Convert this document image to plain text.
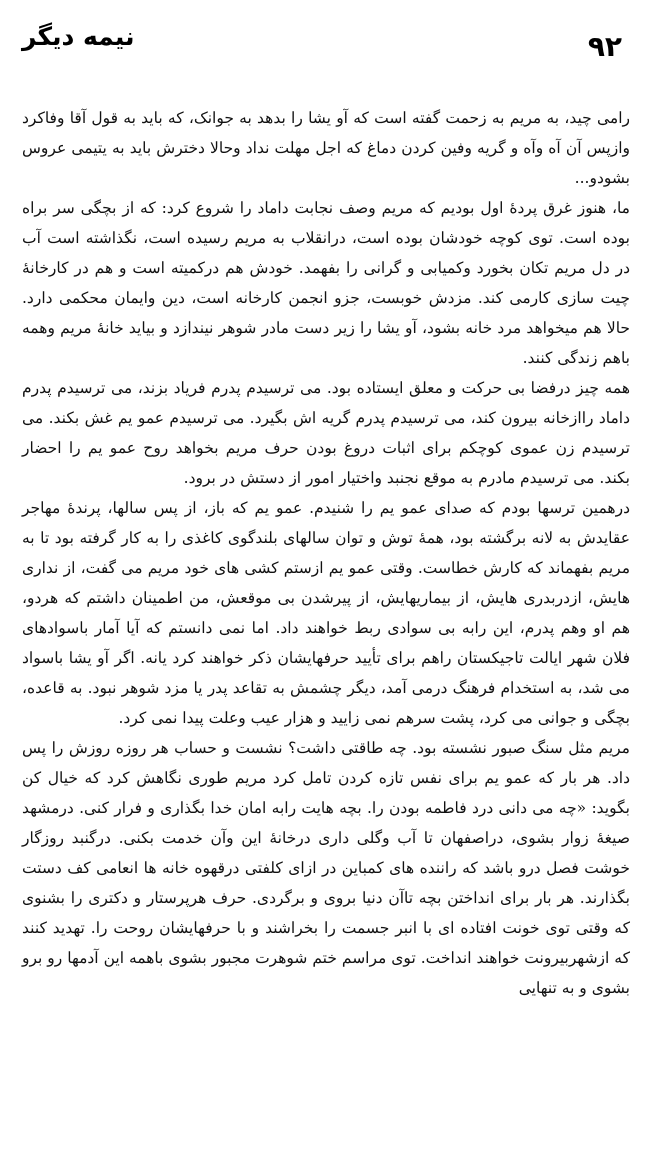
نیمه دیگر	۹۲

رامی چید، به مریم به زحمت گفته است که آو یشا را بدهد به جوانک، که باید به قول آقا وفاکرد وازپس آن آه وآه و گریه وفین کردن دماغ که اجل مهلت نداد وحالا دخترش باید به یتیمی عروس بشودو...

ما، هنوز غرق پردهٔ اول بودیم که مریم وصف نجابت داماد را شروع کرد: که از بچگی سر براه بوده است. توی کوچه خودشان بوده است، درانقلاب به مریم رسیده است، نگذاشته است آب در دل مریم تکان بخورد وکمیابی و گرانی را بفهمد. خودش هم درکمیته است و هم در کارخانهٔ چیت سازی کارمی کند. مزدش خوبست، جزو انجمن کارخانه است، دین وایمان محکمی دارد. حالا هم میخواهد مرد خانه بشود، آو یشا را زیر دست مادر شوهر نیندازد و بیاید خانهٔ مریم وهمه باهم زندگی کنند.

همه چیز درفضا بی حرکت و معلق ایستاده بود. می ترسیدم پدرم فریاد بزند، می ترسیدم پدرم داماد راازخانه بیرون کند، می ترسیدم پدرم گریه اش بگیرد. می ترسیدم عمو یم غش بکند. می ترسیدم زن عموی کوچکم برای اثبات دروغ بودن حرف مریم بخواهد روح عمو یم را احضار بکند. می ترسیدم مادرم به موقع نجنبد واختیار امور از دستش در برود.

درهمین ترسها بودم که صدای عمو یم را شنیدم. عمو یم که باز، از پس سالها، پرندهٔ مهاجر عقایدش به لانه برگشته بود، همهٔ توش و توان سالهای بلندگوی کاغذی را به کار گرفته بود تا به مریم بفهماند که کارش خطاست. وقتی عمو یم ازستم کشی های خود مریم می گفت، از نداری هایش، ازدربدری هایش، از بیماریهایش، از پیرشدن بی موقعش، من اطمینان داشتم که هردو، هم او وهم پدرم، این رابه بی سوادی ربط خواهند داد. اما نمی دانستم که آیا آمار باسوادهای فلان شهر ایالت تاجیکستان راهم برای تأیید حرفهایشان ذکر خواهند کرد یانه. اگر آو یشا باسواد می شد، به استخدام فرهنگ درمی آمد، دیگر چشمش به تقاعد پدر یا مزد شوهر نبود. به قاعده، بچگی و جوانی می کرد، پشت سرهم نمی زایید و هزار عیب وعلت پیدا نمی کرد.

مریم مثل سنگ صبور نشسته بود. چه طاقتی داشت؟ نشست و حساب هر روزه روزش را پس داد. هر بار که عمو یم برای نفس تازه کردن تامل کرد مریم طوری نگاهش کرد که خیال کن بگوید: «چه می دانی درد فاطمه بودن را. بچه هایت رابه امان خدا بگذاری و فرار کنی. درمشهد صیغهٔ زوار بشوی، دراصفهان تا آب وگلی داری درخانهٔ این وآن خدمت بکنی. درگنبد روزگار خوشت فصل درو باشد که راننده های کمباین در ازای کلفتی درقهوه خانه ها انعامی کف دستت بگذارند. هر بار برای انداختن بچه تاآن دنیا بروی و برگردی. حرف هرپرستار و دکتری را بشنوی که وقتی توی خونت افتاده ای با انبر جسمت را بخراشند و با حرفهایشان روحت را. تهدید کنند که ازشهربیرونت خواهند انداخت. توی مراسم ختم شوهرت مجبور بشوی باهمه این آدمها رو برو بشوی و به تنهایی
